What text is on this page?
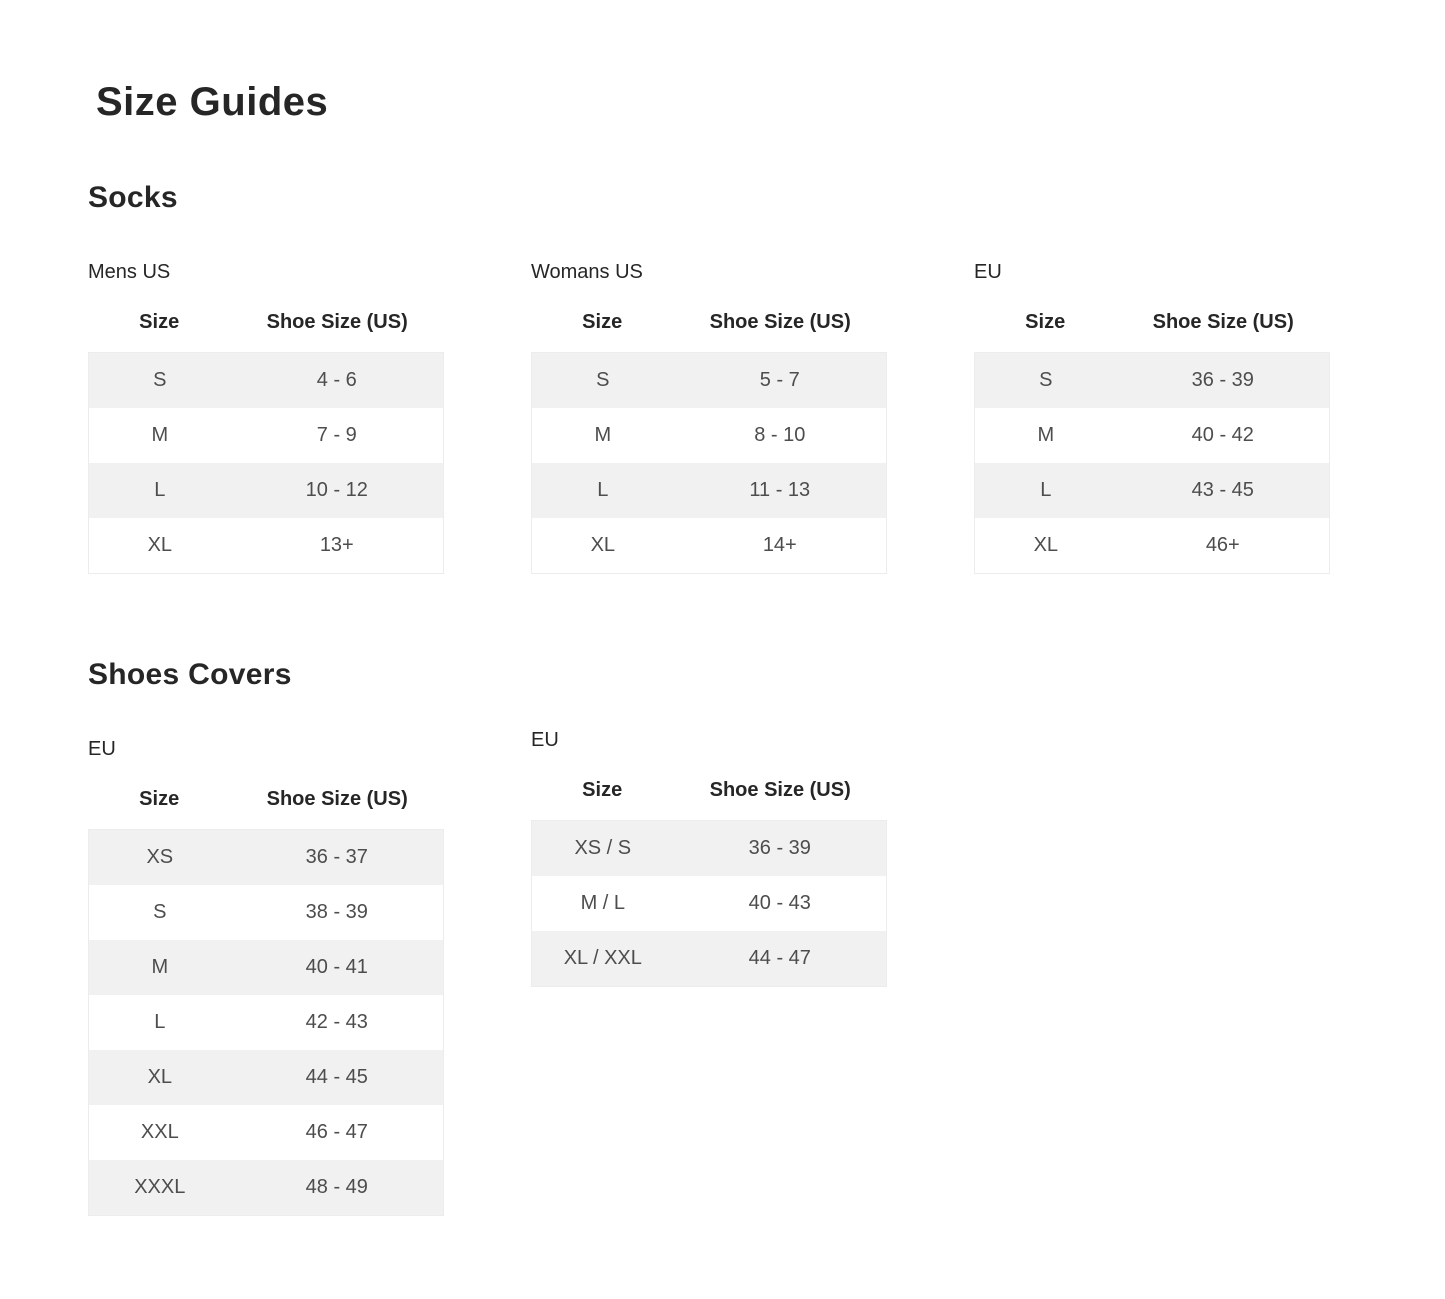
Size Guides
Socks
Mens US
Size	Shoe Size (US)
S	4 - 6
M	7 - 9
L	10 - 12
XL	13+
Womans US
Size	Shoe Size (US)
S	5 - 7
M	8 - 10
L	11 - 13
XL	14+
EU
Size	Shoe Size (US)
S	36 - 39
M	40 - 42
L	43 - 45
XL	46+
Shoes Covers
EU
Size	Shoe Size (US)
XS	36 - 37
S	38 - 39
M	40 - 41
L	42 - 43
XL	44 - 45
XXL	46 - 47
XXXL	48 - 49
EU
Size	Shoe Size (US)
XS / S	36 - 39
M / L	40 - 43
XL / XXL	44 - 47
